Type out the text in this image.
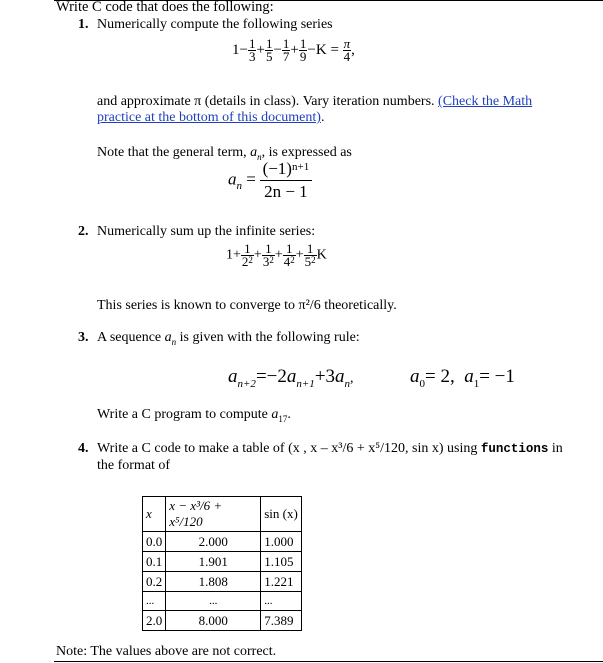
Write C code that does the following:
1. Numerically compute the following series
$1- \frac{1}{3} + \frac{1}{5} - \frac{1}{7} + \frac{1}{9} -K = \frac{\pi}{4}$ ,
and approximate π (details in class). Vary iteration numbers. (Check the Math
practice at the bottom of this document).
Note that the general term, $a_n$, is expressed as
$a_n = \frac{(-1)^{n+1}}{2n - 1}$
2. Numerically sum up the infinite series:
$1+ \frac{1}{2^2} + \frac{1}{3^2} + \frac{1}{4^2} + \frac{1}{5^2}$ K
This series is known to converge to π²/6 theoretically.
3. A sequence $a_n$ is given with the following rule:
$a_{n+2}=-2a_{n+1}+3a_n$,	$a_0= 2$, $a_1= -1$
Write a C program to compute $a_{17}$.
4. Write a C code to make a table of (x , x – x³/6 + x⁵/120, sin x) using functions in
the format of
x	x − x³/6 + x⁵/120	sin (x)
0.0	2.000	1.000
0.1	1.901	1.105
0.2	1.808	1.221
...	...	...
2.0	8.000	7.389
Note: The values above are not correct.
